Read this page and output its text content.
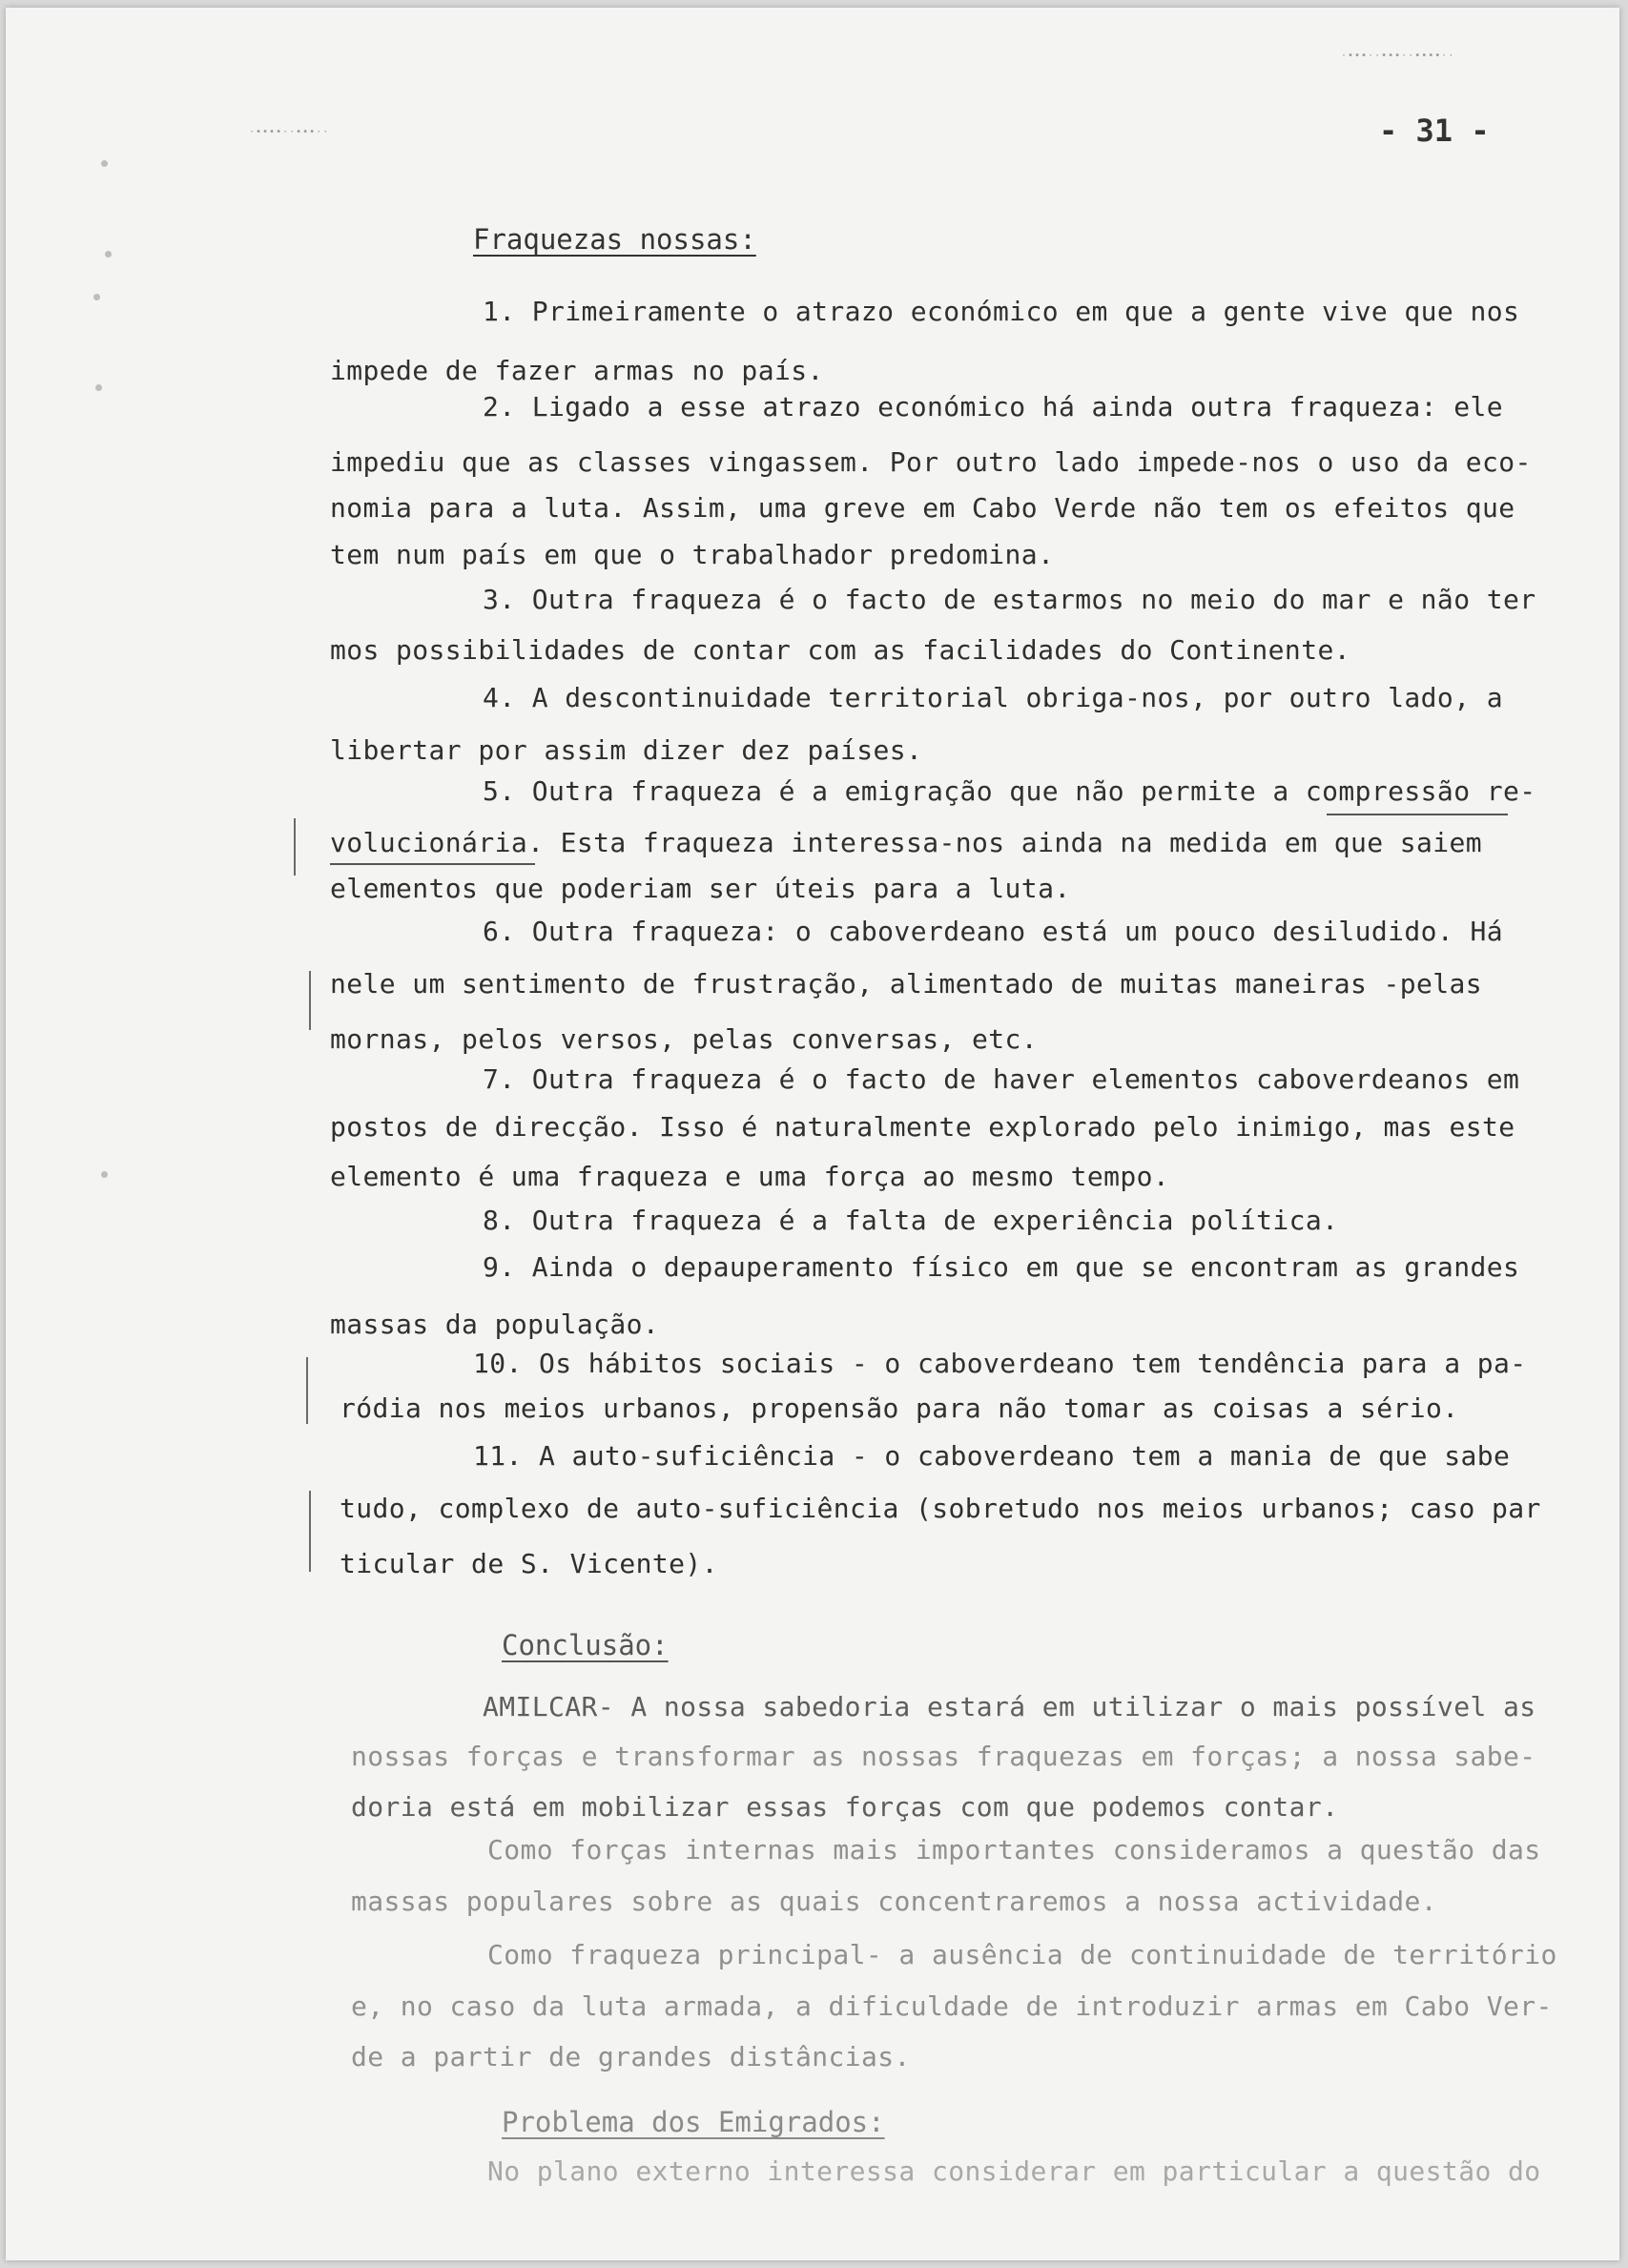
·∙∙∙∙··∙∙∙··
·∙∙∙··∙∙∙··∙∙∙∙··
- 31 -
Fraquezas nossas:
1. Primeiramente o atrazo económico em que a gente vive que nos
impede de fazer armas no país.
2. Ligado a esse atrazo económico há ainda outra fraqueza: ele
impediu que as classes vingassem. Por outro lado impede-nos o uso da eco-
nomia para a luta. Assim, uma greve em Cabo Verde não tem os efeitos que
tem num país em que o trabalhador predomina.
3. Outra fraqueza é o facto de estarmos no meio do mar e não ter
mos possibilidades de contar com as facilidades do Continente.
4. A descontinuidade territorial obriga-nos, por outro lado, a
libertar por assim dizer dez países.
5. Outra fraqueza é a emigração que não permite a compressão re-
volucionária. Esta fraqueza interessa-nos ainda na medida em que saiem
elementos que poderiam ser úteis para a luta.
6. Outra fraqueza: o caboverdeano está um pouco desiludido. Há
nele um sentimento de frustração, alimentado de muitas maneiras -pelas
mornas, pelos versos, pelas conversas, etc.
7. Outra fraqueza é o facto de haver elementos caboverdeanos em
postos de direcção. Isso é naturalmente explorado pelo inimigo, mas este
elemento é uma fraqueza e uma força ao mesmo tempo.
8. Outra fraqueza é a falta de experiência política.
9. Ainda o depauperamento físico em que se encontram as grandes
massas da população.
10. Os hábitos sociais - o caboverdeano tem tendência para a pa-
ródia nos meios urbanos, propensão para não tomar as coisas a sério.
11. A auto-suficiência - o caboverdeano tem a mania de que sabe
tudo, complexo de auto-suficiência (sobretudo nos meios urbanos; caso par
ticular de S. Vicente).
Conclusão:
AMILCAR- A nossa sabedoria estará em utilizar o mais possível as
nossas forças e transformar as nossas fraquezas em forças; a nossa sabe-
doria está em mobilizar essas forças com que podemos contar.
Como forças internas mais importantes consideramos a questão das
massas populares sobre as quais concentraremos a nossa actividade.
Como fraqueza principal- a ausência de continuidade de território
e, no caso da luta armada, a dificuldade de introduzir armas em Cabo Ver-
de a partir de grandes distâncias.
Problema dos Emigrados:
No plano externo interessa considerar em particular a questão do
